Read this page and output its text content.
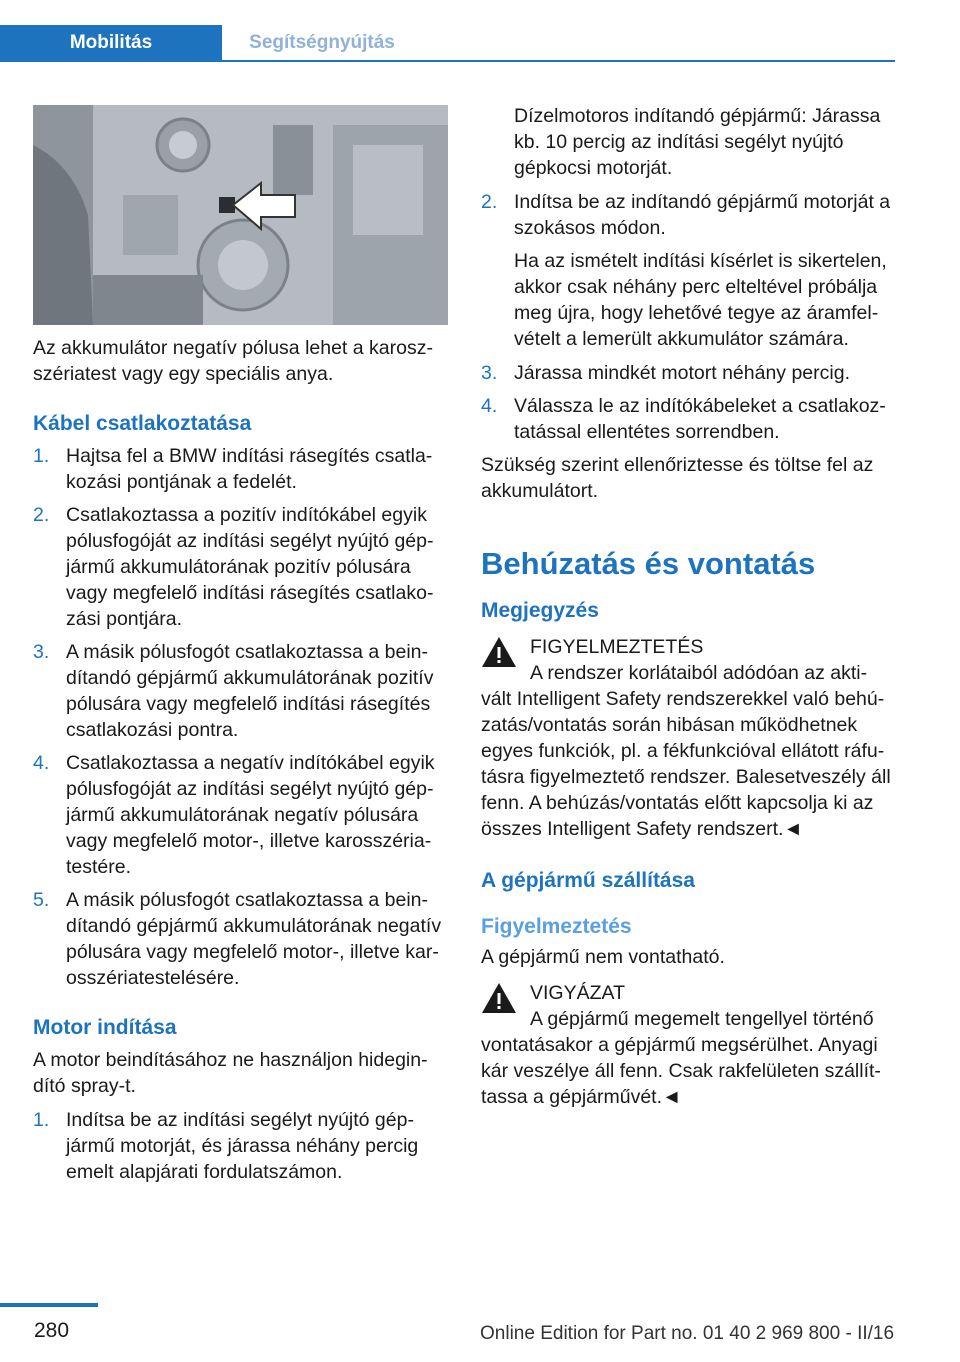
Mobilitás	Segítségnyújtás

Az akkumulátor negatív pólusa lehet a karosz‐szériatest vagy egy speciális anya.

Kábel csatlakoztatása
1. Hajtsa fel a BMW indítási rásegítés csatla‐kozási pontjának a fedelét.
2. Csatlakoztassa a pozitív indítókábel egyik pólusfogóját az indítási segélyt nyújtó gép‐jármű akkumulátorának pozitív pólusára vagy megfelelő indítási rásegítés csatlako‐zási pontjára.
3. A másik pólusfogót csatlakoztassa a bein‐dítandó gépjármű akkumulátorának pozitív pólusára vagy megfelelő indítási rásegítés csatlakozási pontra.
4. Csatlakoztassa a negatív indítókábel egyik pólusfogóját az indítási segélyt nyújtó gép‐jármű akkumulátorának negatív pólusára vagy megfelelő motor-, illetve karosszéria‐testére.
5. A másik pólusfogót csatlakoztassa a bein‐dítandó gépjármű akkumulátorának negatív pólusára vagy megfelelő motor-, illetve kar‐osszériatestelésére.
Motor indítása

A motor beindításához ne használjon hidegin‐dító spray-t.

1. Indítsa be az indítási segélyt nyújtó gép‐jármű motorját, és járassa néhány percig emelt alapjárati fordulatszámon.

Dízelmotoros indítandó gépjármű: Járassa kb. 10 percig az indítási segélyt nyújtó gépkocsi motorját.

2. Indítsa be az indítandó gépjármű motorját a szokásos módon.

Ha az ismételt indítási kísérlet is sikertelen, akkor csak néhány perc elteltével próbálja meg újra, hogy lehetővé tegye az áramfel‐vételt a lemerült akkumulátor számára.

3. Járassa mindkét motort néhány percig.
4. Válassza le az indítókábeleket a csatlakoz‐tatással ellentétes sorrendben.

Szükség szerint ellenőriztesse és töltse fel az akkumulátort.

Behúzatás és vontatás
Megjegyzés
FIGYELMEZTETÉS
A rendszer korlátaiból adódóan az akti‐vált Intelligent Safety rendszerekkel való behú‐zatás/vontatás során hibásan működhetnek egyes funkciók, pl. a fékfunkcióval ellátott ráfu‐tásra figyelmeztető rendszer. Balesetveszély áll fenn. A behúzás/vontatás előtt kapcsolja ki az összes Intelligent Safety rendszert.◄
A gépjármű szállítása
Figyelmeztetés

A gépjármű nem vontatható.

VIGYÁZAT
A gépjármű megemelt tengellyel történő vontatásakor a gépjármű megsérülhet. Anyagi kár veszélye áll fenn. Csak rakfelületen szállít‐tassa a gépjárművét.◄
280	Online Edition for Part no. 01 40 2 969 800 - II/16
